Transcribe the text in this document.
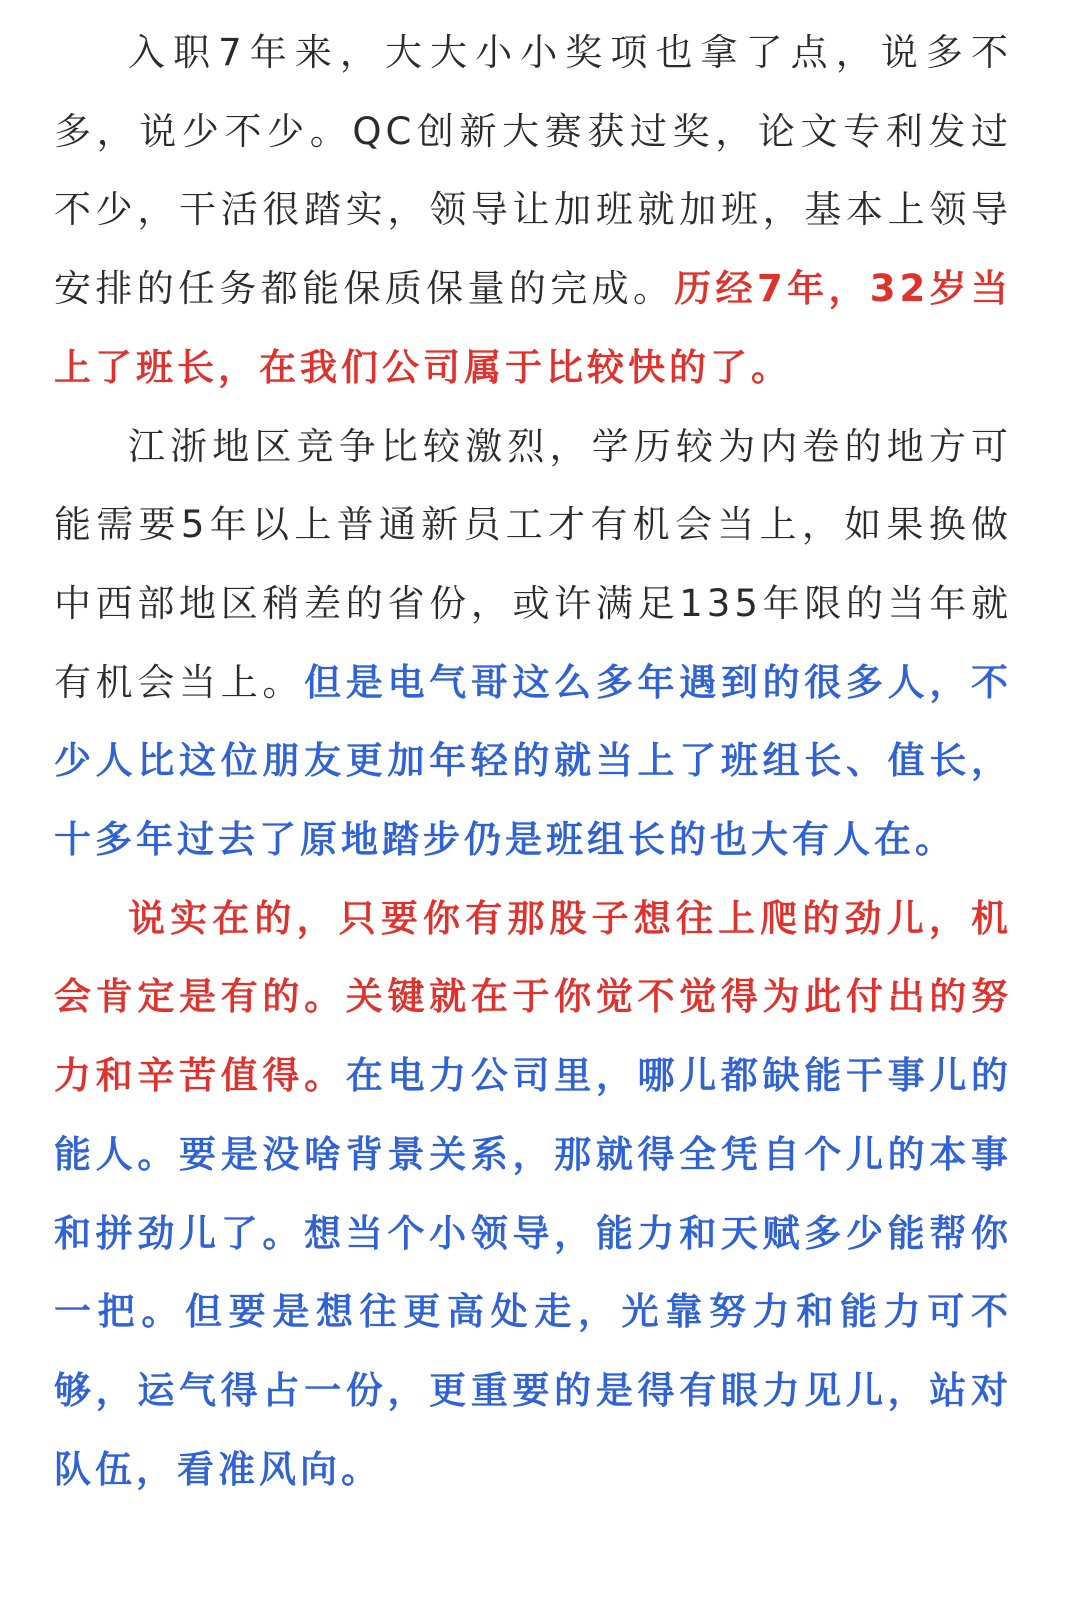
入职7年来，大大小小奖项也拿了点，说多不多，说少不少。QC创新大赛获过奖，论文专利发过不少，干活很踏实，领导让加班就加班，基本上领导安排的任务都能保质保量的完成。历经7年，32岁当上了班长，在我们公司属于比较快的了。

江浙地区竞争比较激烈，学历较为内卷的地方可能需要5年以上普通新员工才有机会当上，如果换做中西部地区稍差的省份，或许满足135年限的当年就有机会当上。但是电气哥这么多年遇到的很多人，不少人比这位朋友更加年轻的就当上了班组长、值长，十多年过去了原地踏步仍是班组长的也大有人在。

说实在的，只要你有那股子想往上爬的劲儿，机会肯定是有的。关键就在于你觉不觉得为此付出的努力和辛苦值得。在电力公司里，哪儿都缺能干事儿的能人。要是没啥背景关系，那就得全凭自个儿的本事和拼劲儿了。想当个小领导，能力和天赋多少能帮你一把。但要是想往更高处走，光靠努力和能力可不够，运气得占一份，更重要的是得有眼力见儿，站对队伍，看准风向。
